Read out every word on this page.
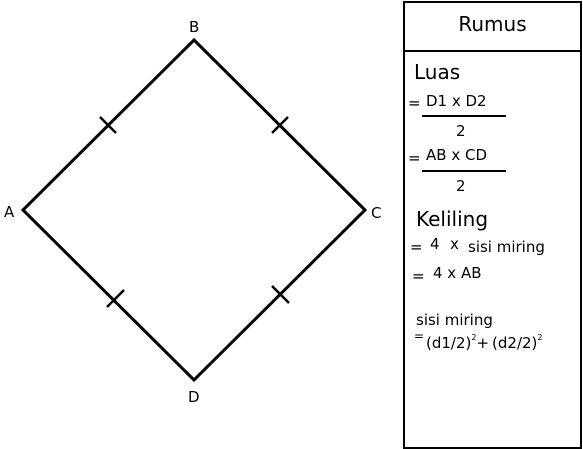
B
A	C
D
Rumus
Luas
= D1 x D2
2
= AB x CD
2
Keliling
= 4 x sisi miring
= 4 x AB
sisi miring
= $(d1/2)^2+ (d2/2)^2$
